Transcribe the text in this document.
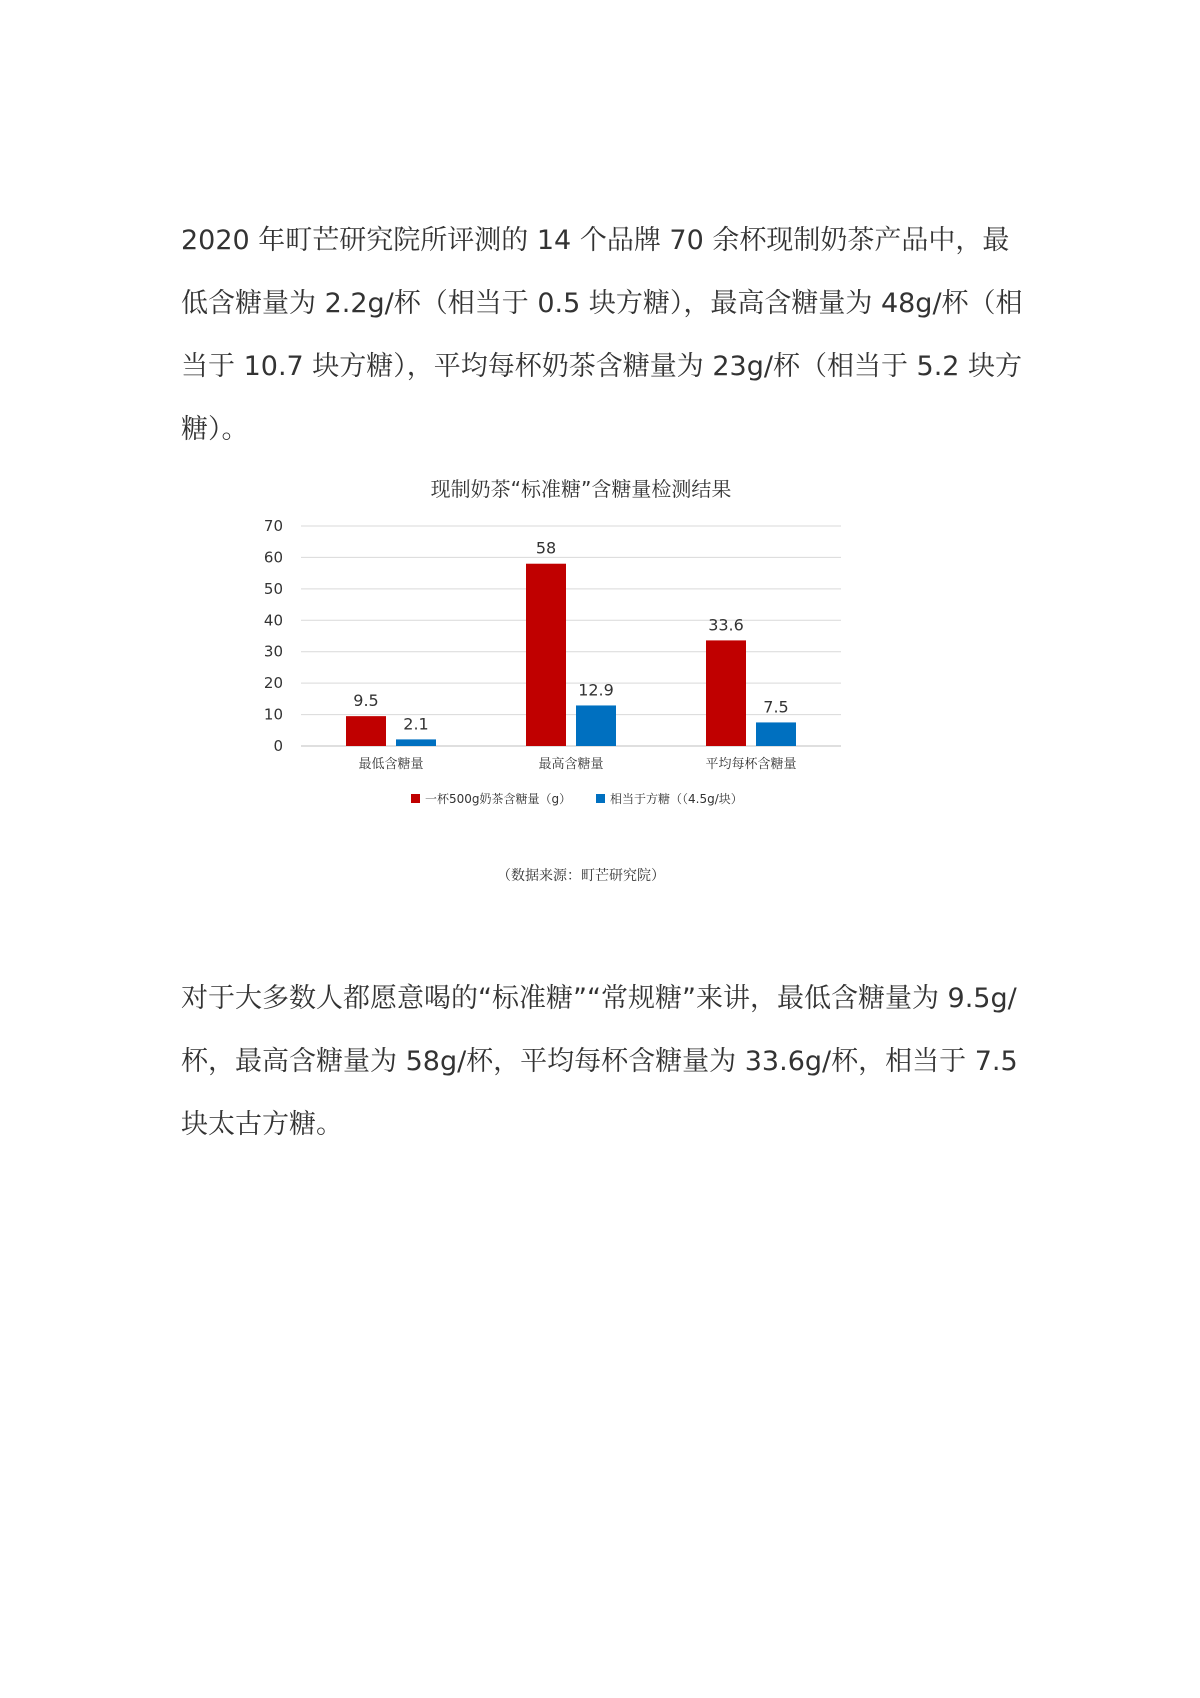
2020 年町芒研究院所评测的 14 个品牌 70 余杯现制奶茶产品中，最低含糖量为 2.2g/杯（相当于 0.5 块方糖），最高含糖量为 48g/杯（相当于 10.7 块方糖），平均每杯奶茶含糖量为 23g/杯（相当于 5.2 块方糖）。

现制奶茶“标准糖”含糖量检测结果
0
10
20
30
40
50
60
70
9.5
2.1
58
12.9
33.6
7.5
最低含糖量	最高含糖量	平均每杯含糖量
一杯500g奶茶含糖量（g）	相当于方糖（（4.5g/块）
（数据来源：町芒研究院）

对于大多数人都愿意喝的“标准糖”“常规糖”来讲，最低含糖量为 9.5g/杯，最高含糖量为 58g/杯，平均每杯含糖量为 33.6g/杯，相当于 7.5 块太古方糖。
